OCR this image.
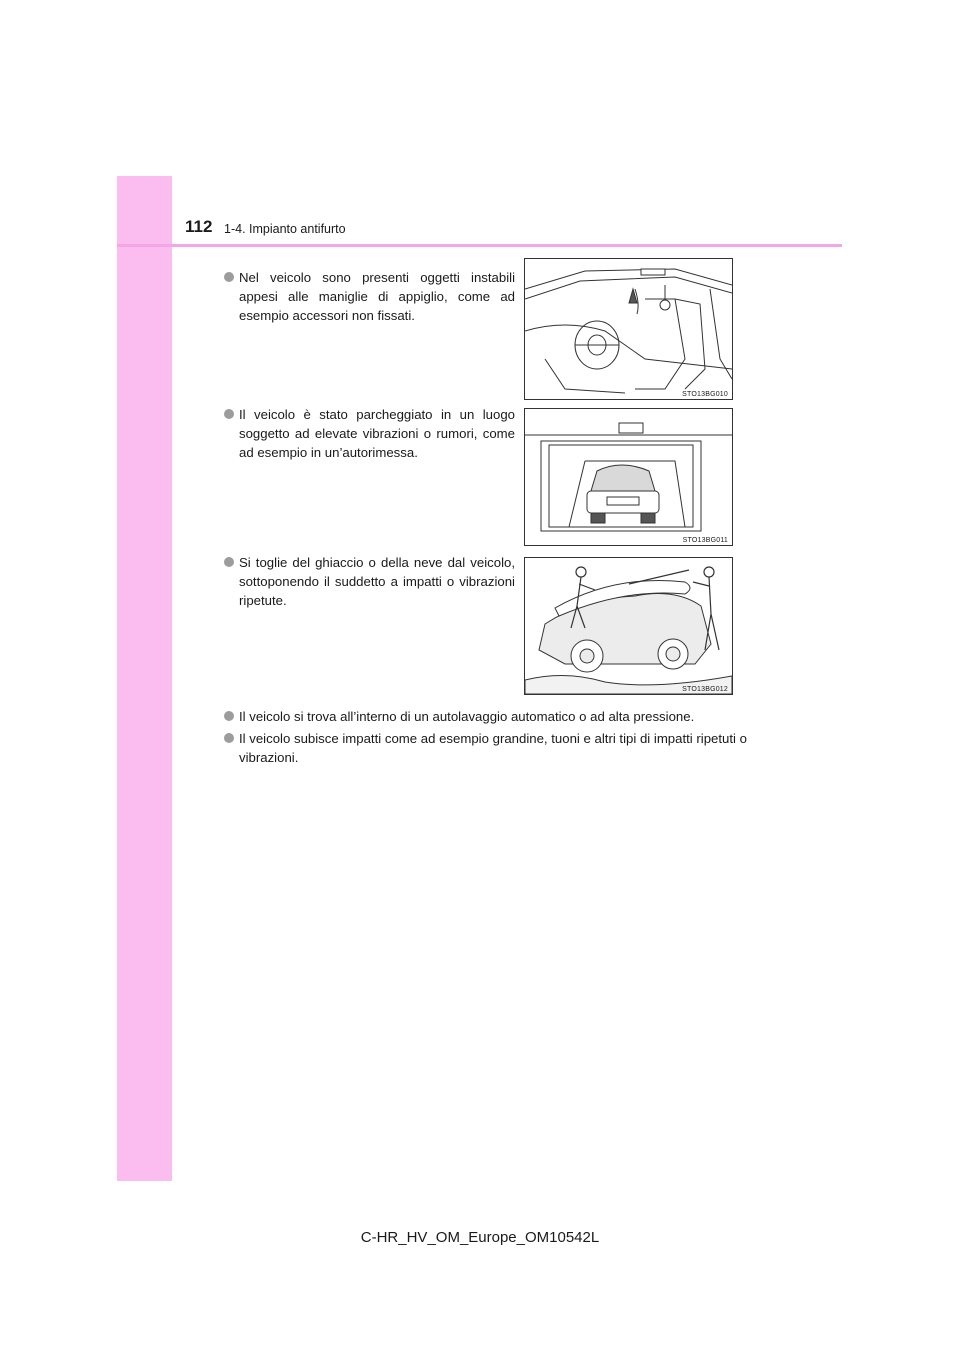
112 1-4. Impianto antifurto
Nel veicolo sono presenti oggetti instabili appesi alle maniglie di appiglio, come ad esempio accessori non fissati.
Il veicolo è stato parcheggiato in un luogo soggetto ad elevate vibrazioni o rumori, come ad esempio in un’autorimessa.
Si toglie del ghiaccio o della neve dal veicolo, sottoponendo il suddetto a impatti o vibrazioni ripetute.
Il veicolo si trova all’interno di un autolavaggio automatico o ad alta pressione.
Il veicolo subisce impatti come ad esempio grandine, tuoni e altri tipi di impatti ripetuti o vibrazioni.
STO13BG010
STO13BG011
STO13BG012
C-HR_HV_OM_Europe_OM10542L
